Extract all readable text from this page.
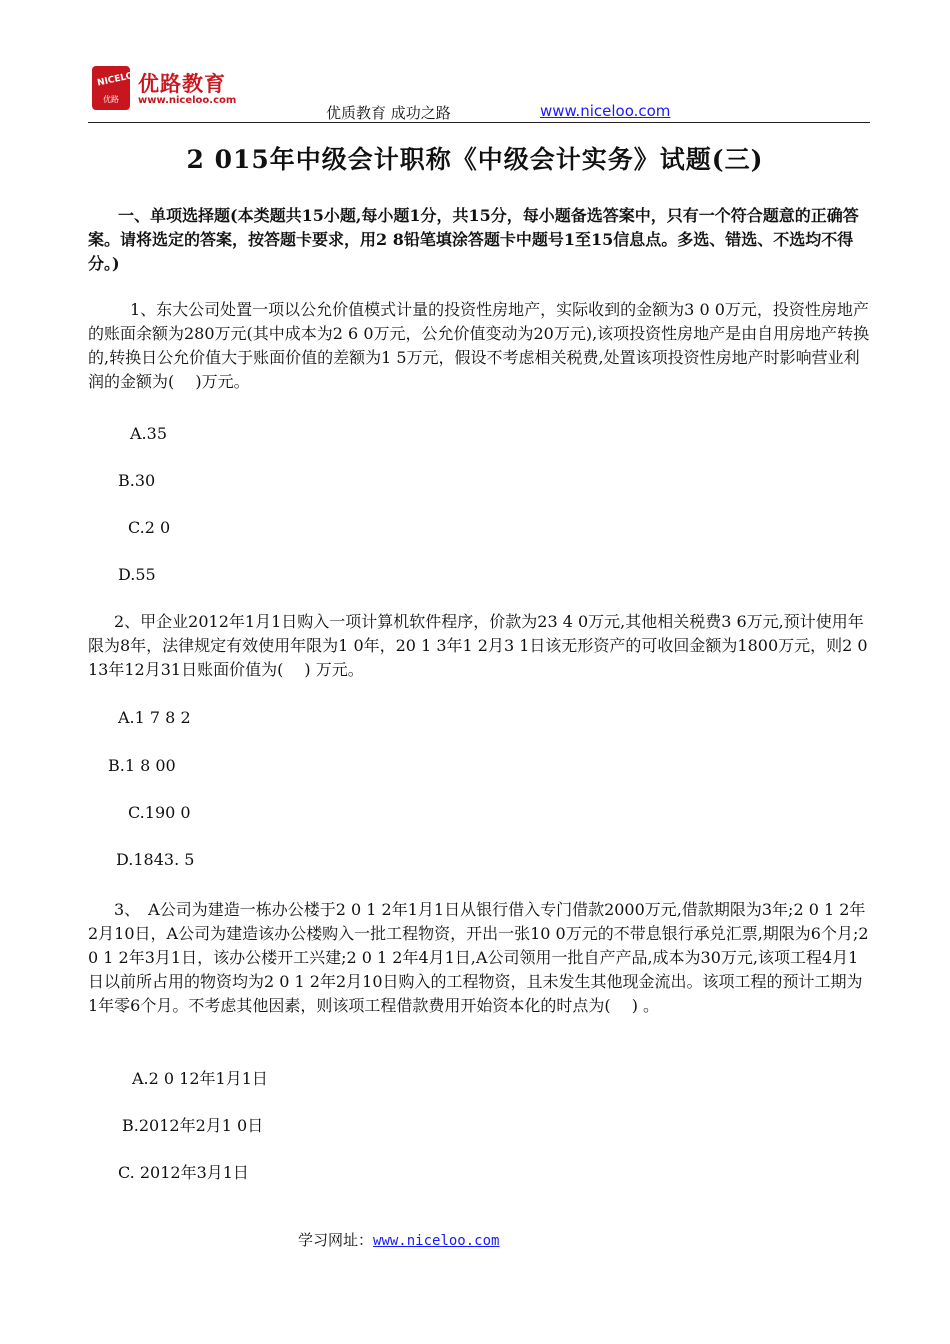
NICELOO
优路
优路教育
www.niceloo.com
优质教育 成功之路	www.niceloo.com
2 015年中级会计职称《中级会计实务》试题(三)
一、单项选择题(本类题共15小题,每小题1分，共15分，每小题备选答案中，只有一个符合题意的正确答案。请将选定的答案，按答题卡要求，用2 8铅笔填涂答题卡中题号1至15信息点。多选、错选、不选均不得分。)
1、东大公司处置一项以公允价值模式计量的投资性房地产，实际收到的金额为3 0 0万元，投资性房地产的账面余额为280万元(其中成本为2 6 0万元，公允价值变动为20万元),该项投资性房地产是由自用房地产转换的,转换日公允价值大于账面价值的差额为1 5万元，假设不考虑相关税费,处置该项投资性房地产时影响营业利润的金额为(　 )万元。
A.35
B.30
C.2 0
D.55
2、甲企业2012年1月1日购入一项计算机软件程序，价款为23 4 0万元,其他相关税费3 6万元,预计使用年限为8年，法律规定有效使用年限为1 0年，20 1 3年1 2月3 1日该无形资产的可收回金额为1800万元，则2 0 13年12月31日账面价值为(　 ) 万元。
A.1 7 8 2
B.1 8 00
C.190 0
D.1843. 5
3、　A公司为建造一栋办公楼于2 0 1 2年1月1日从银行借入专门借款2000万元,借款期限为3年;2 0 1 2年2月10日，A公司为建造该办公楼购入一批工程物资，开出一张10 0万元的不带息银行承兑汇票,期限为6个月;2 0 1 2年3月1日，该办公楼开工兴建;2 0 1 2年4月1日,A公司领用一批自产产品,成本为30万元,该项工程4月1日以前所占用的物资均为2 0 1 2年2月10日购入的工程物资，且未发生其他现金流出。该项工程的预计工期为1年零6个月。不考虑其他因素，则该项工程借款费用开始资本化的时点为(　 ) 。
A.2 0 12年1月1日
B.2012年2月1 0日
C. 2012年3月1日
学习网址：www.niceloo.com
